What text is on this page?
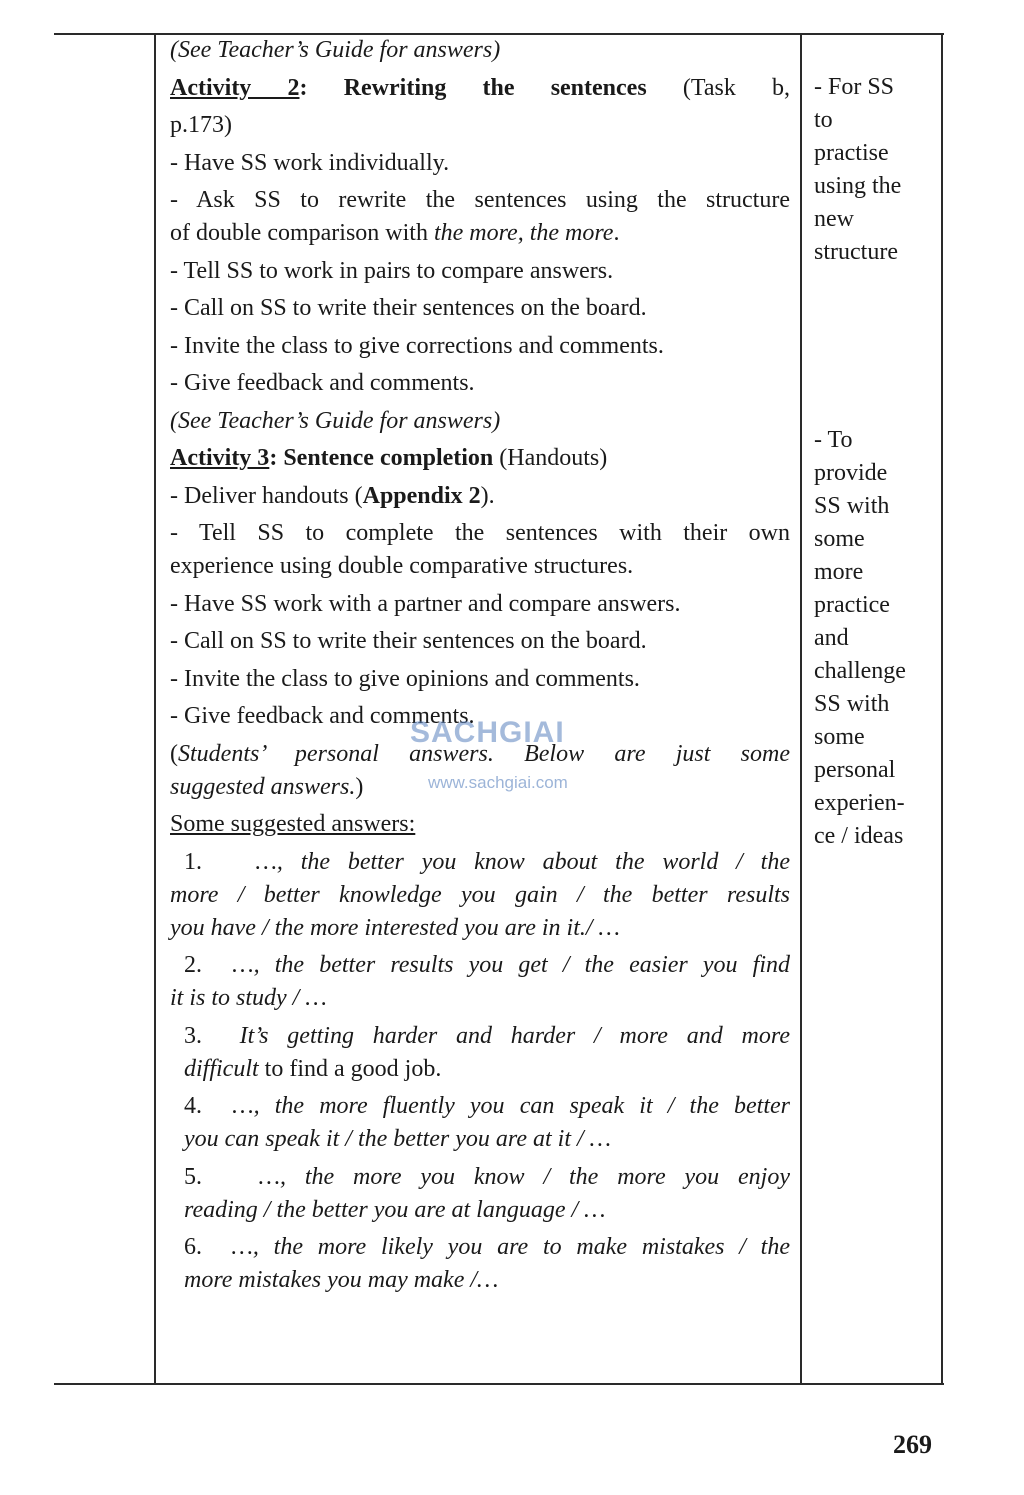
(See Teacher’s Guide for answers)
Activity 2: Rewriting the sentences (Task b,
p.173)
- Have SS work individually.
- Ask SS to rewrite the sentences using the structure
of double comparison with the more, the more.
- Tell SS to work in pairs to compare answers.
- Call on SS to write their sentences on the board.
- Invite the class to give corrections and comments.
- Give feedback and comments.
(See Teacher’s Guide for answers)
Activity 3: Sentence completion (Handouts)
- Deliver handouts (Appendix 2).
- Tell SS to complete the sentences with their own
experience using double comparative structures.
- Have SS work with a partner and compare answers.
- Call on SS to write their sentences on the board.
- Invite the class to give opinions and comments.
- Give feedback and comments.
(Students’ personal answers. Below are just some
suggested answers.)
Some suggested answers:
1. …, the better you know about the world / the
more / better knowledge you gain / the better results
you have / the more interested you are in it./ …
2. …, the better results you get / the easier you find
it is to study / …
3. It’s getting harder and harder / more and more
difficult to find a good job.
4. …, the more fluently you can speak it / the better
you can speak it / the better you are at it / …
5. …, the more you know / the more you enjoy
reading / the better you are at language / …
6. …, the more likely you are to make mistakes / the
more mistakes you may make /…
- For SS
to
practise
using the
new
structure
- To
provide
SS with
some
more
practice
and
challenge
SS with
some
personal
experien-
ce / ideas
SACHGIAI
www.sachgiai.com
269
